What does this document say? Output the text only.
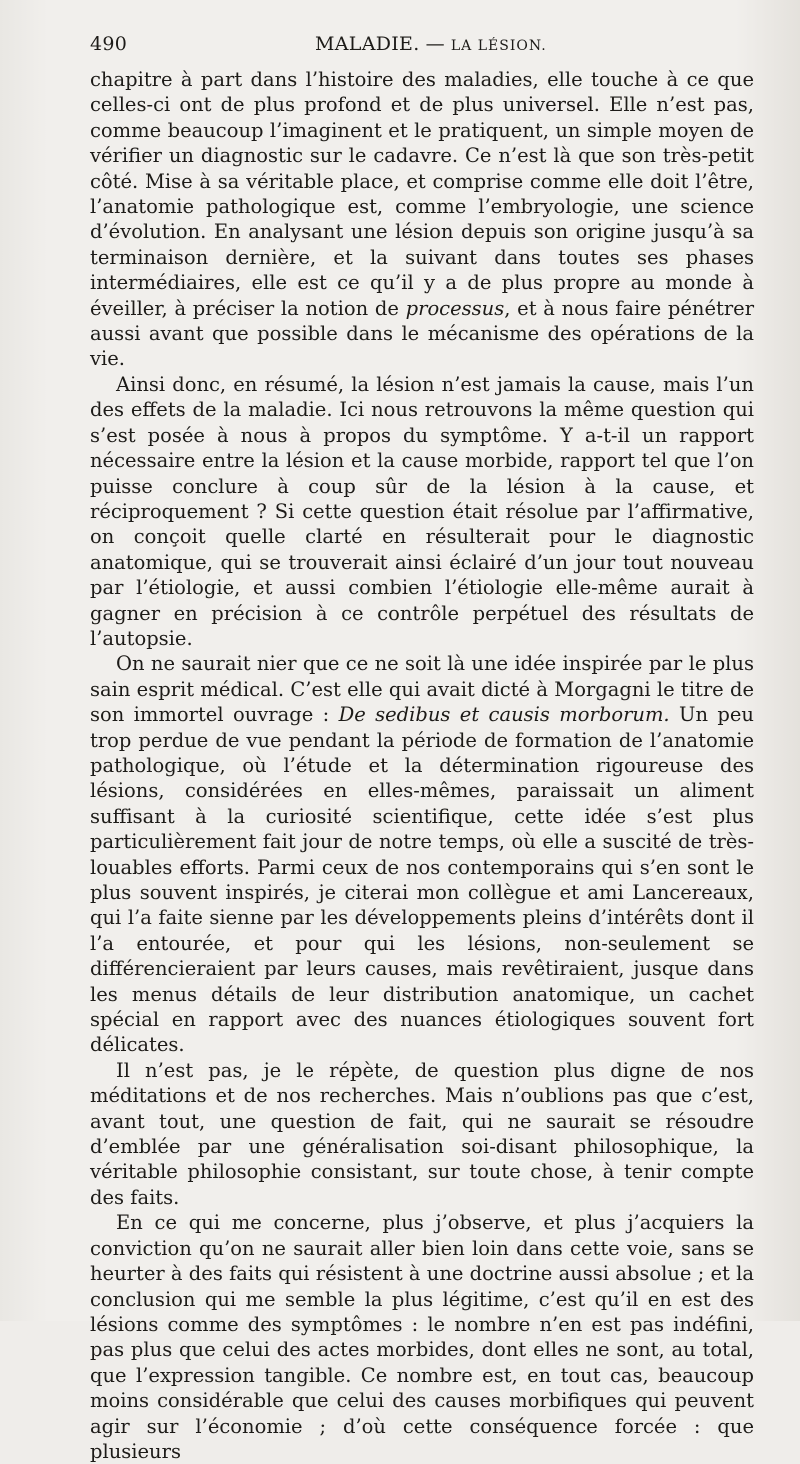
490	MALADIE. — LA LÉSION.

chapitre à part dans l’histoire des maladies, elle touche à ce que celles-ci ont de plus profond et de plus universel. Elle n’est pas, comme beaucoup l’imaginent et le pratiquent, un simple moyen de vérifier un diagnostic sur le cadavre. Ce n’est là que son très-petit côté. Mise à sa véritable place, et comprise comme elle doit l’être, l’anatomie pathologique est, comme l’embryologie, une science d’évolution. En analysant une lésion depuis son origine jusqu’à sa terminaison dernière, et la suivant dans toutes ses phases intermédiaires, elle est ce qu’il y a de plus propre au monde à éveiller, à préciser la notion de processus, et à nous faire pénétrer aussi avant que possible dans le mécanisme des opérations de la vie.

Ainsi donc, en résumé, la lésion n’est jamais la cause, mais l’un des effets de la maladie. Ici nous retrouvons la même question qui s’est posée à nous à propos du symptôme. Y a-t-il un rapport nécessaire entre la lésion et la cause morbide, rapport tel que l’on puisse conclure à coup sûr de la lésion à la cause, et réciproquement ? Si cette question était résolue par l’affirmative, on conçoit quelle clarté en résulterait pour le diagnostic anatomique, qui se trouverait ainsi éclairé d’un jour tout nouveau par l’étiologie, et aussi combien l’étiologie elle-même aurait à gagner en précision à ce contrôle perpétuel des résultats de l’autopsie.

On ne saurait nier que ce ne soit là une idée inspirée par le plus sain esprit médical. C’est elle qui avait dicté à Morgagni le titre de son immortel ouvrage : De sedibus et causis morborum. Un peu trop perdue de vue pendant la période de formation de l’anatomie pathologique, où l’étude et la détermination rigoureuse des lésions, considérées en elles-mêmes, paraissait un aliment suffisant à la curiosité scientifique, cette idée s’est plus particulièrement fait jour de notre temps, où elle a suscité de très-louables efforts. Parmi ceux de nos contemporains qui s’en sont le plus souvent inspirés, je citerai mon collègue et ami Lancereaux, qui l’a faite sienne par les développements pleins d’intérêts dont il l’a entourée, et pour qui les lésions, non-seulement se différencieraient par leurs causes, mais revêtiraient, jusque dans les menus détails de leur distribution anatomique, un cachet spécial en rapport avec des nuances étiologiques souvent fort délicates.

Il n’est pas, je le répète, de question plus digne de nos méditations et de nos recherches. Mais n’oublions pas que c’est, avant tout, une question de fait, qui ne saurait se résoudre d’emblée par une généralisation soi-disant philosophique, la véritable philosophie consistant, sur toute chose, à tenir compte des faits.

En ce qui me concerne, plus j’observe, et plus j’acquiers la conviction qu’on ne saurait aller bien loin dans cette voie, sans se heurter à des faits qui résistent à une doctrine aussi absolue ; et la conclusion qui me semble la plus légitime, c’est qu’il en est des lésions comme des symptômes : le nombre n’en est pas indéfini, pas plus que celui des actes morbides, dont elles ne sont, au total, que l’expression tangible. Ce nombre est, en tout cas, beaucoup moins considérable que celui des causes morbifiques qui peuvent agir sur l’économie ; d’où cette conséquence forcée : que plusieurs
